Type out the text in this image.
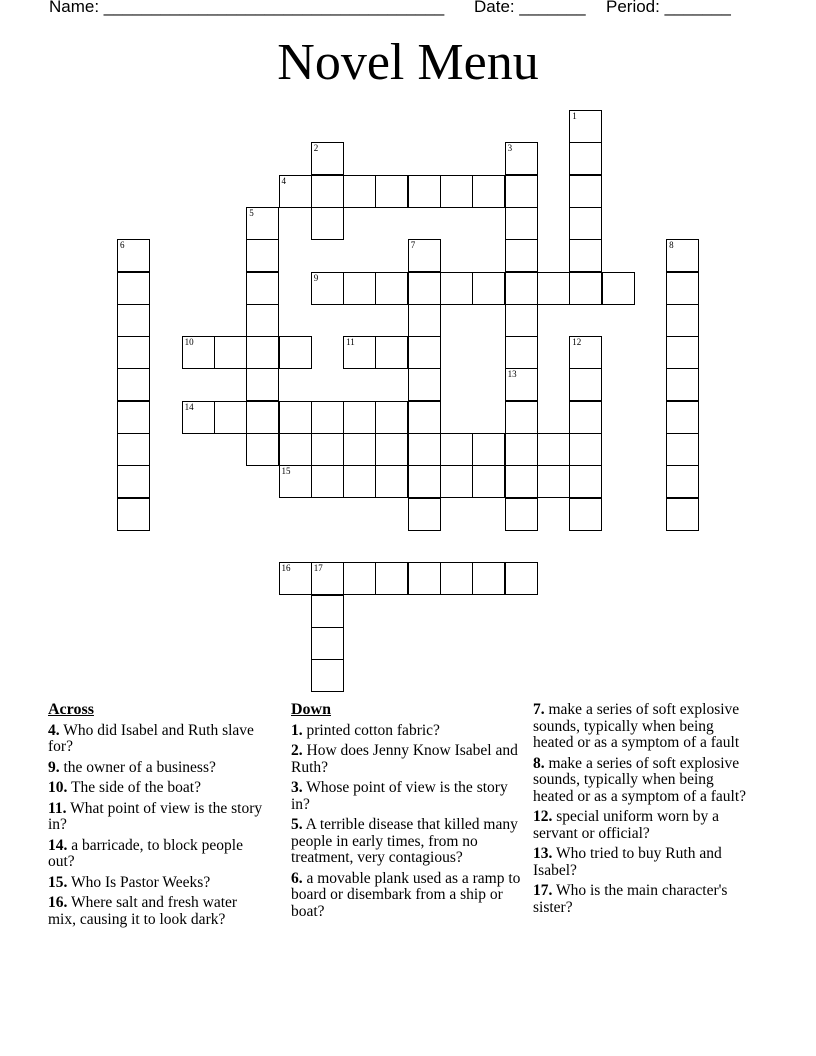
Name: ____________________________________ Date: _______ Period: _______
Novel Menu
1
2	3
4
5
6	7	8
9
10	11	12
13
14
15
16	17
Across
4. Who did Isabel and Ruth slave for?
9. the owner of a business?
10. The side of the boat?
11. What point of view is the story in?
14. a barricade, to block people out?
15. Who Is Pastor Weeks?
16. Where salt and fresh water mix, causing it to look dark?
Down
1. printed cotton fabric?
2. How does Jenny Know Isabel and Ruth?
3. Whose point of view is the story in?
5. A terrible disease that killed many people in early times, from no treatment, very contagious?
6. a movable plank used as a ramp to board or disembark from a ship or boat?
7. make a series of soft explosive sounds, typically when being heated or as a symptom of a fault
8. make a series of soft explosive sounds, typically when being heated or as a symptom of a fault?
12. special uniform worn by a servant or official?
13. Who tried to buy Ruth and Isabel?
17. Who is the main character's sister?
